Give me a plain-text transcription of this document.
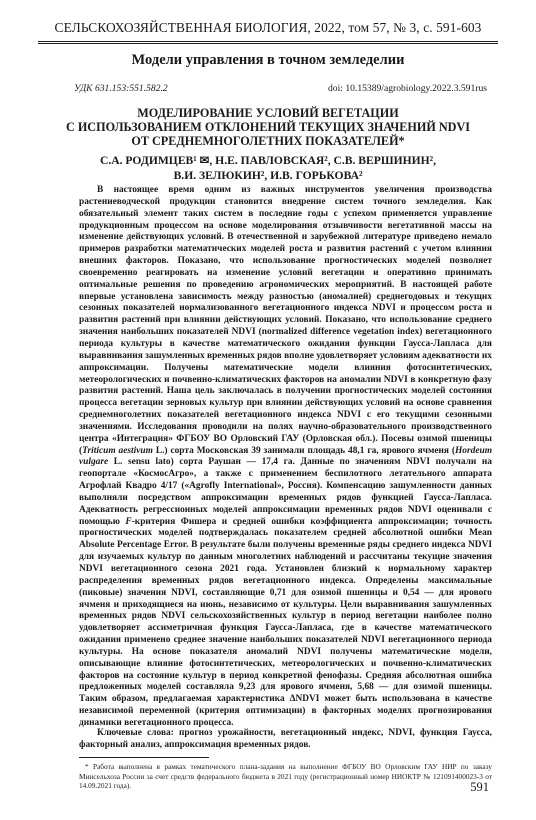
СЕЛЬСКОХОЗЯЙСТВЕННАЯ БИОЛОГИЯ, 2022, том 57, № 3, с. 591-603
Модели управления в точном земледелии
УДК 631.153:551.582.2	doi: 10.15389/agrobiology.2022.3.591rus
МОДЕЛИРОВАНИЕ УСЛОВИЙ ВЕГЕТАЦИИ
С ИСПОЛЬЗОВАНИЕМ ОТКЛОНЕНИЙ ТЕКУЩИХ ЗНАЧЕНИЙ NDVI
ОТ СРЕДНЕМНОГОЛЕТНИХ ПОКАЗАТЕЛЕЙ*
С.А. РОДИМЦЕВ¹ ✉, Н.Е. ПАВЛОВСКАЯ², С.В. ВЕРШИНИН²,
В.И. ЗЕЛЮКИН², И.В. ГОРЬКОВА²
В настоящее время одним из важных инструментов увеличения производства растениеводческой продукции становится внедрение систем точного земледелия. Как обязательный элемент таких систем в последние годы с успехом применяется управление продукционным процессом на основе моделирования отзывчивости вегетативной массы на изменение действующих условий. В отечественной и зарубежной литературе приведено немало примеров разработки математических моделей роста и развития растений с учетом влияния внешних факторов. Показано, что использование прогностических моделей позволяет своевременно реагировать на изменение условий вегетации и оперативно принимать оптимальные решения по проведению агрономических мероприятий. В настоящей работе впервые установлена зависимость между разностью (аномалией) среднегодовых и текущих сезонных показателей нормализованного вегетационного индекса NDVI и процессом роста и развития растений при влиянии действующих условий. Показано, что использование среднего значения наибольших показателей NDVI (normalized difference vegetation index) вегетационного периода культуры в качестве математического ожидания функции Гаусса-Лапласа для выравнивания зашумленных временных рядов вполне удовлетворяет условиям адекватности их аппроксимации. Получены математические модели влияния фотосинтетических, метеорологических и почвенно-климатических факторов на аномалии NDVI в конкретную фазу развития растений. Наша цель заключалась в получении прогностических моделей состояния процесса вегетации зерновых культур при влиянии действующих условий на основе сравнения среднемноголетних показателей вегетационного индекса NDVI с его текущими сезонными значениями. Исследования проводили на полях научно-образовательного производственного центра «Интеграция» ФГБОУ ВО Орловский ГАУ (Орловская обл.). Посевы озимой пшеницы (Triticum aestivum L.) сорта Московская 39 занимали площадь 48,1 га, ярового ячменя (Hordeum vulgare L. sensu lato) сорта Раушан — 17,4 га. Данные по значениям NDVI получали на геопортале «КосмосАгро», а также с применением беспилотного летательного аппарата Агрофлай Квадро 4/17 («Agrofly International», Россия). Компенсацию зашумленности данных выполняли посредством аппроксимации временных рядов функцией Гаусса-Лапласа. Адекватность регрессионных моделей аппроксимации временных рядов NDVI оценивали с помощью F-критерия Фишера и средней ошибки коэффициента аппроксимации; точность прогностических моделей подтверждалась показателем средней абсолютной ошибки Mean Absolute Percentage Error. В результате были получены временные ряды среднего индекса NDVI для изучаемых культур по данным многолетних наблюдений и рассчитаны текущие значения NDVI вегетационного сезона 2021 года. Установлен близкий к нормальному характер распределения временных рядов вегетационного индекса. Определены максимальные (пиковые) значения NDVI, составляющие 0,71 для озимой пшеницы и 0,54 — для ярового ячменя и приходящиеся на июнь, независимо от культуры. Цели выравнивания зашумленных временных рядов NDVI сельскохозяйственных культур в период вегетации наиболее полно удовлетворяет ассиметричная функция Гаусса-Лапласа, где в качестве математического ожидания применено среднее значение наибольших показателей NDVI вегетационного периода культуры. На основе показателя аномалий NDVI получены математические модели, описывающие влияние фотосинтетических, метеорологических и почвенно-климатических факторов на состояние культур в период конкретной фенофазы. Средняя абсолютная ошибка предложенных моделей составляла 9,23 для ярового ячменя, 5,68 — для озимой пшеницы. Таким образом, предлагаемая характеристика ΔNDVI может быть использована в качестве независимой переменной (критерия оптимизации) в факторных моделях прогнозирования динамики вегетационного процесса.
Ключевые слова: прогноз урожайности, вегетационный индекс, NDVI, функция Гаусса, факторный анализ, аппроксимация временных рядов.
* Работа выполнена в рамках тематического плана-задания на выполнение ФГБОУ ВО Орловским ГАУ НИР по заказу Минсельхоза России за счет средств федерального бюджета в 2021 году (регистрационный номер НИОКТР № 121091400023-3 от 14.09.2021 года).	591
